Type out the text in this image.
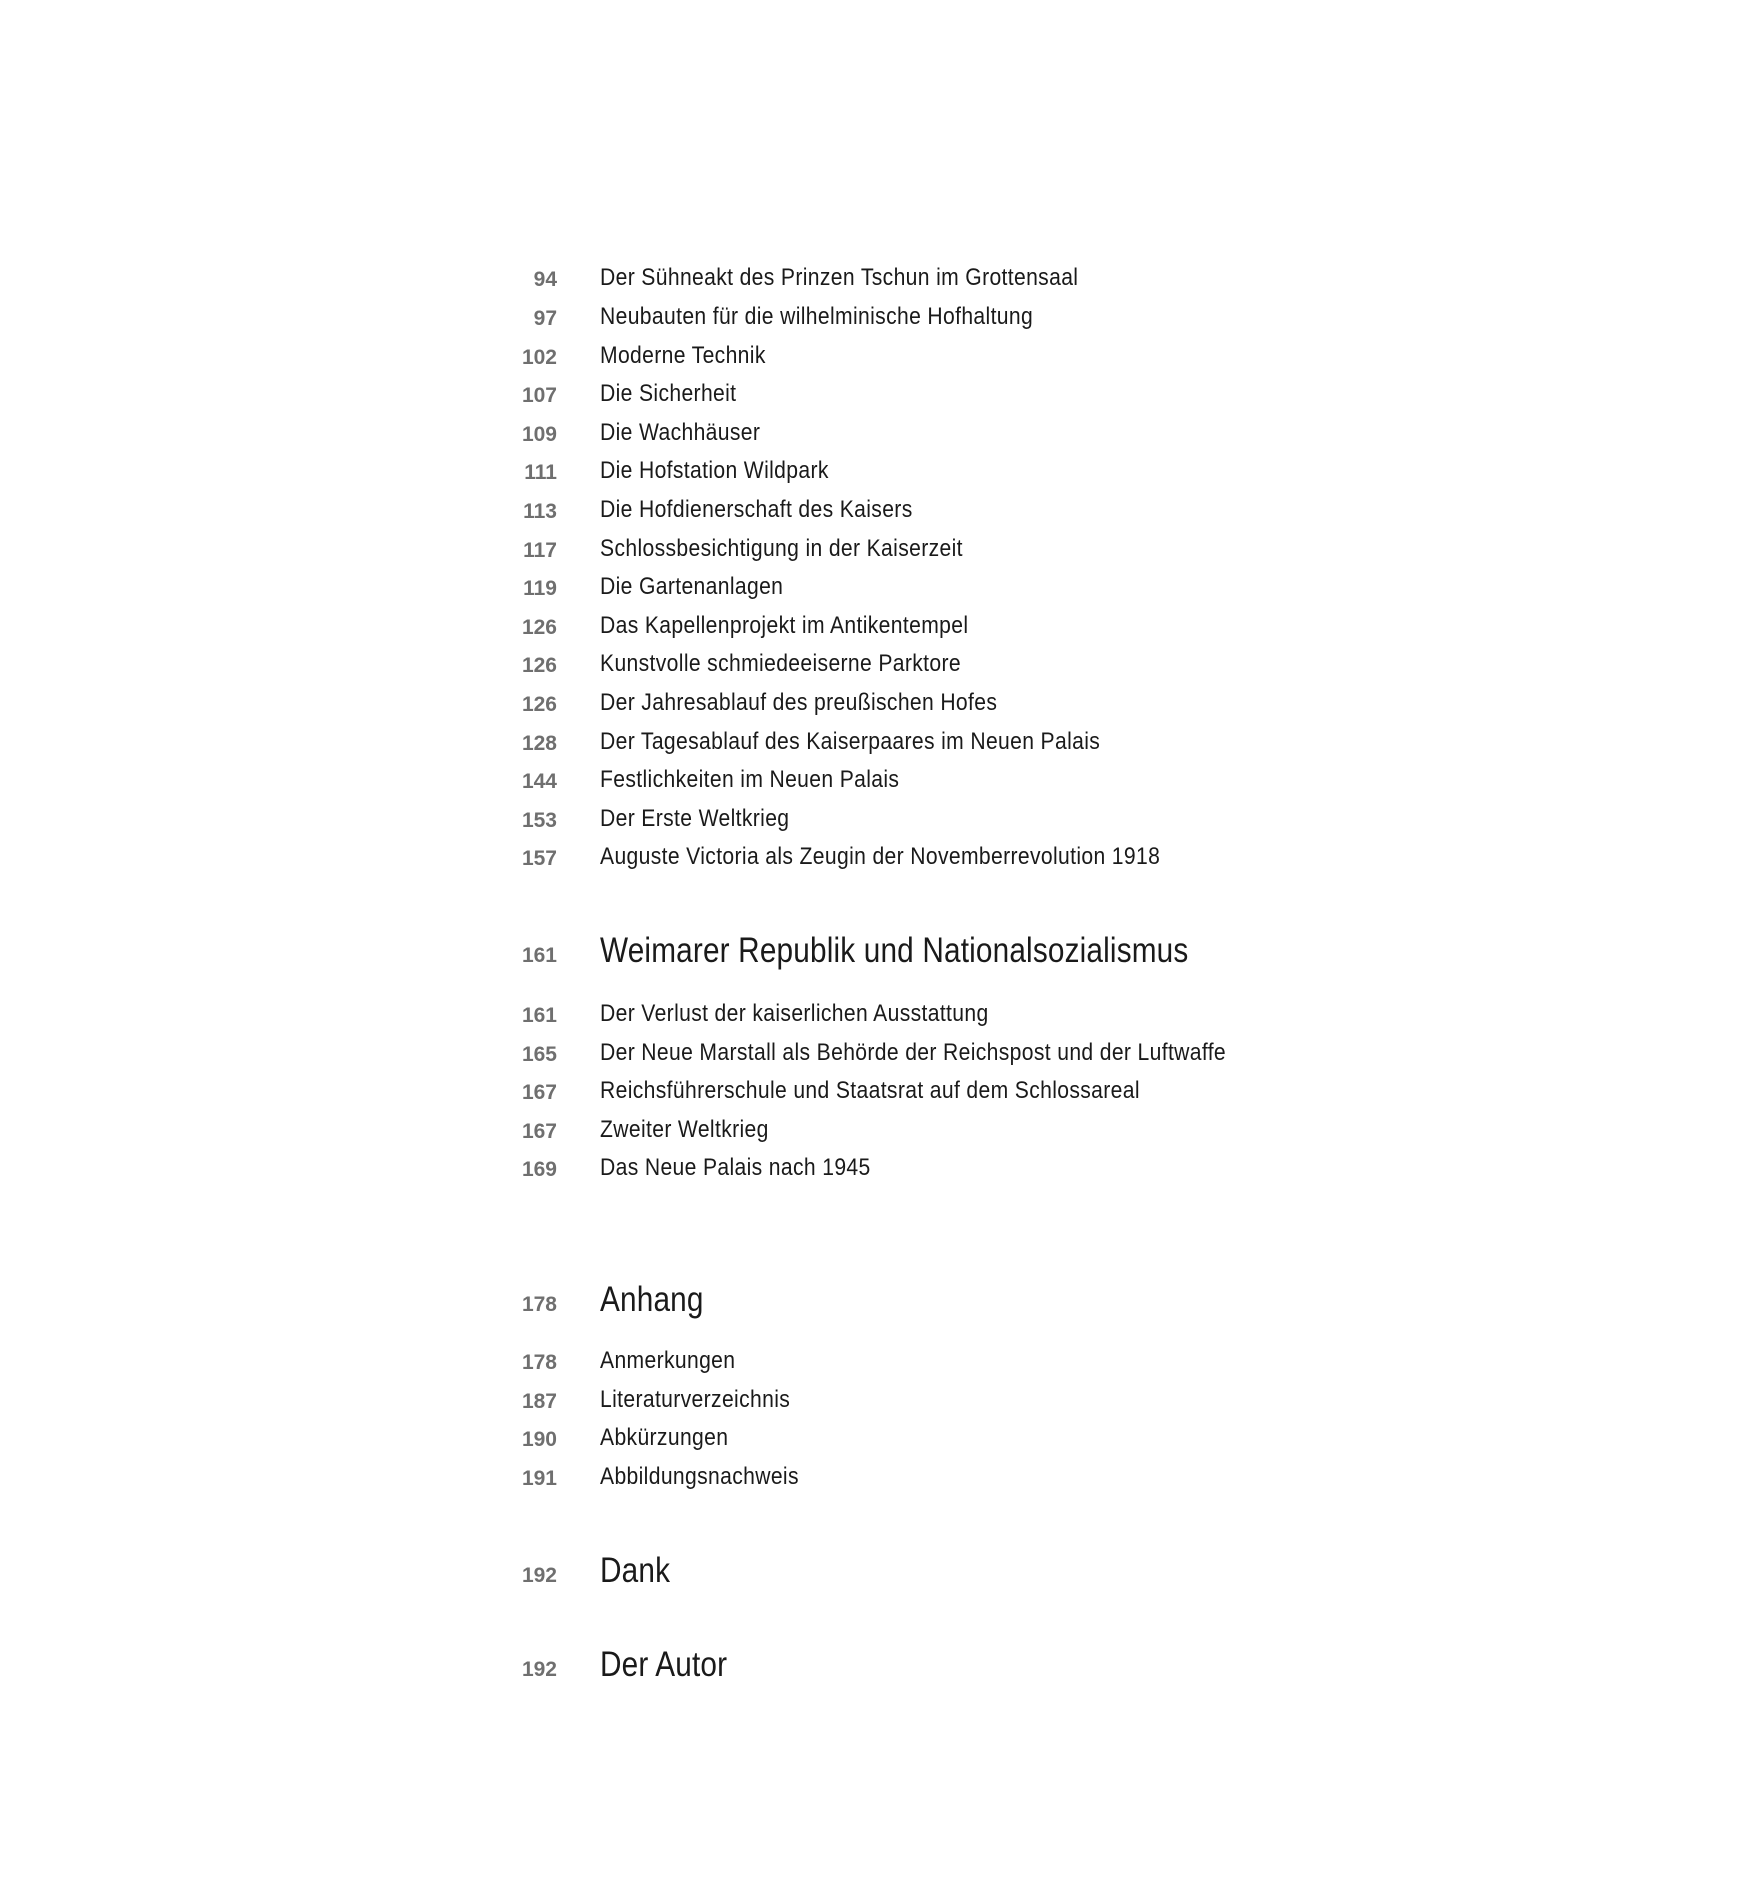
94 Der Sühneakt des Prinzen Tschun im Grottensaal
97 Neubauten für die wilhelminische Hofhaltung
102 Moderne Technik
107 Die Sicherheit
109 Die Wachhäuser
111 Die Hofstation Wildpark
113 Die Hofdienerschaft des Kaisers
117 Schlossbesichtigung in der Kaiserzeit
119 Die Gartenanlagen
126 Das Kapellenprojekt im Antikentempel
126 Kunstvolle schmiedeeiserne Parktore
126 Der Jahresablauf des preußischen Hofes
128 Der Tagesablauf des Kaiserpaares im Neuen Palais
144 Festlichkeiten im Neuen Palais
153 Der Erste Weltkrieg
157 Auguste Victoria als Zeugin der Novemberrevolution 1918
161 Weimarer Republik und Nationalsozialismus
161 Der Verlust der kaiserlichen Ausstattung
165 Der Neue Marstall als Behörde der Reichspost und der Luftwaffe
167 Reichsführerschule und Staatsrat auf dem Schlossareal
167 Zweiter Weltkrieg
169 Das Neue Palais nach 1945
178 Anhang
178 Anmerkungen
187 Literaturverzeichnis
190 Abkürzungen
191 Abbildungsnachweis
192 Dank
192 Der Autor
